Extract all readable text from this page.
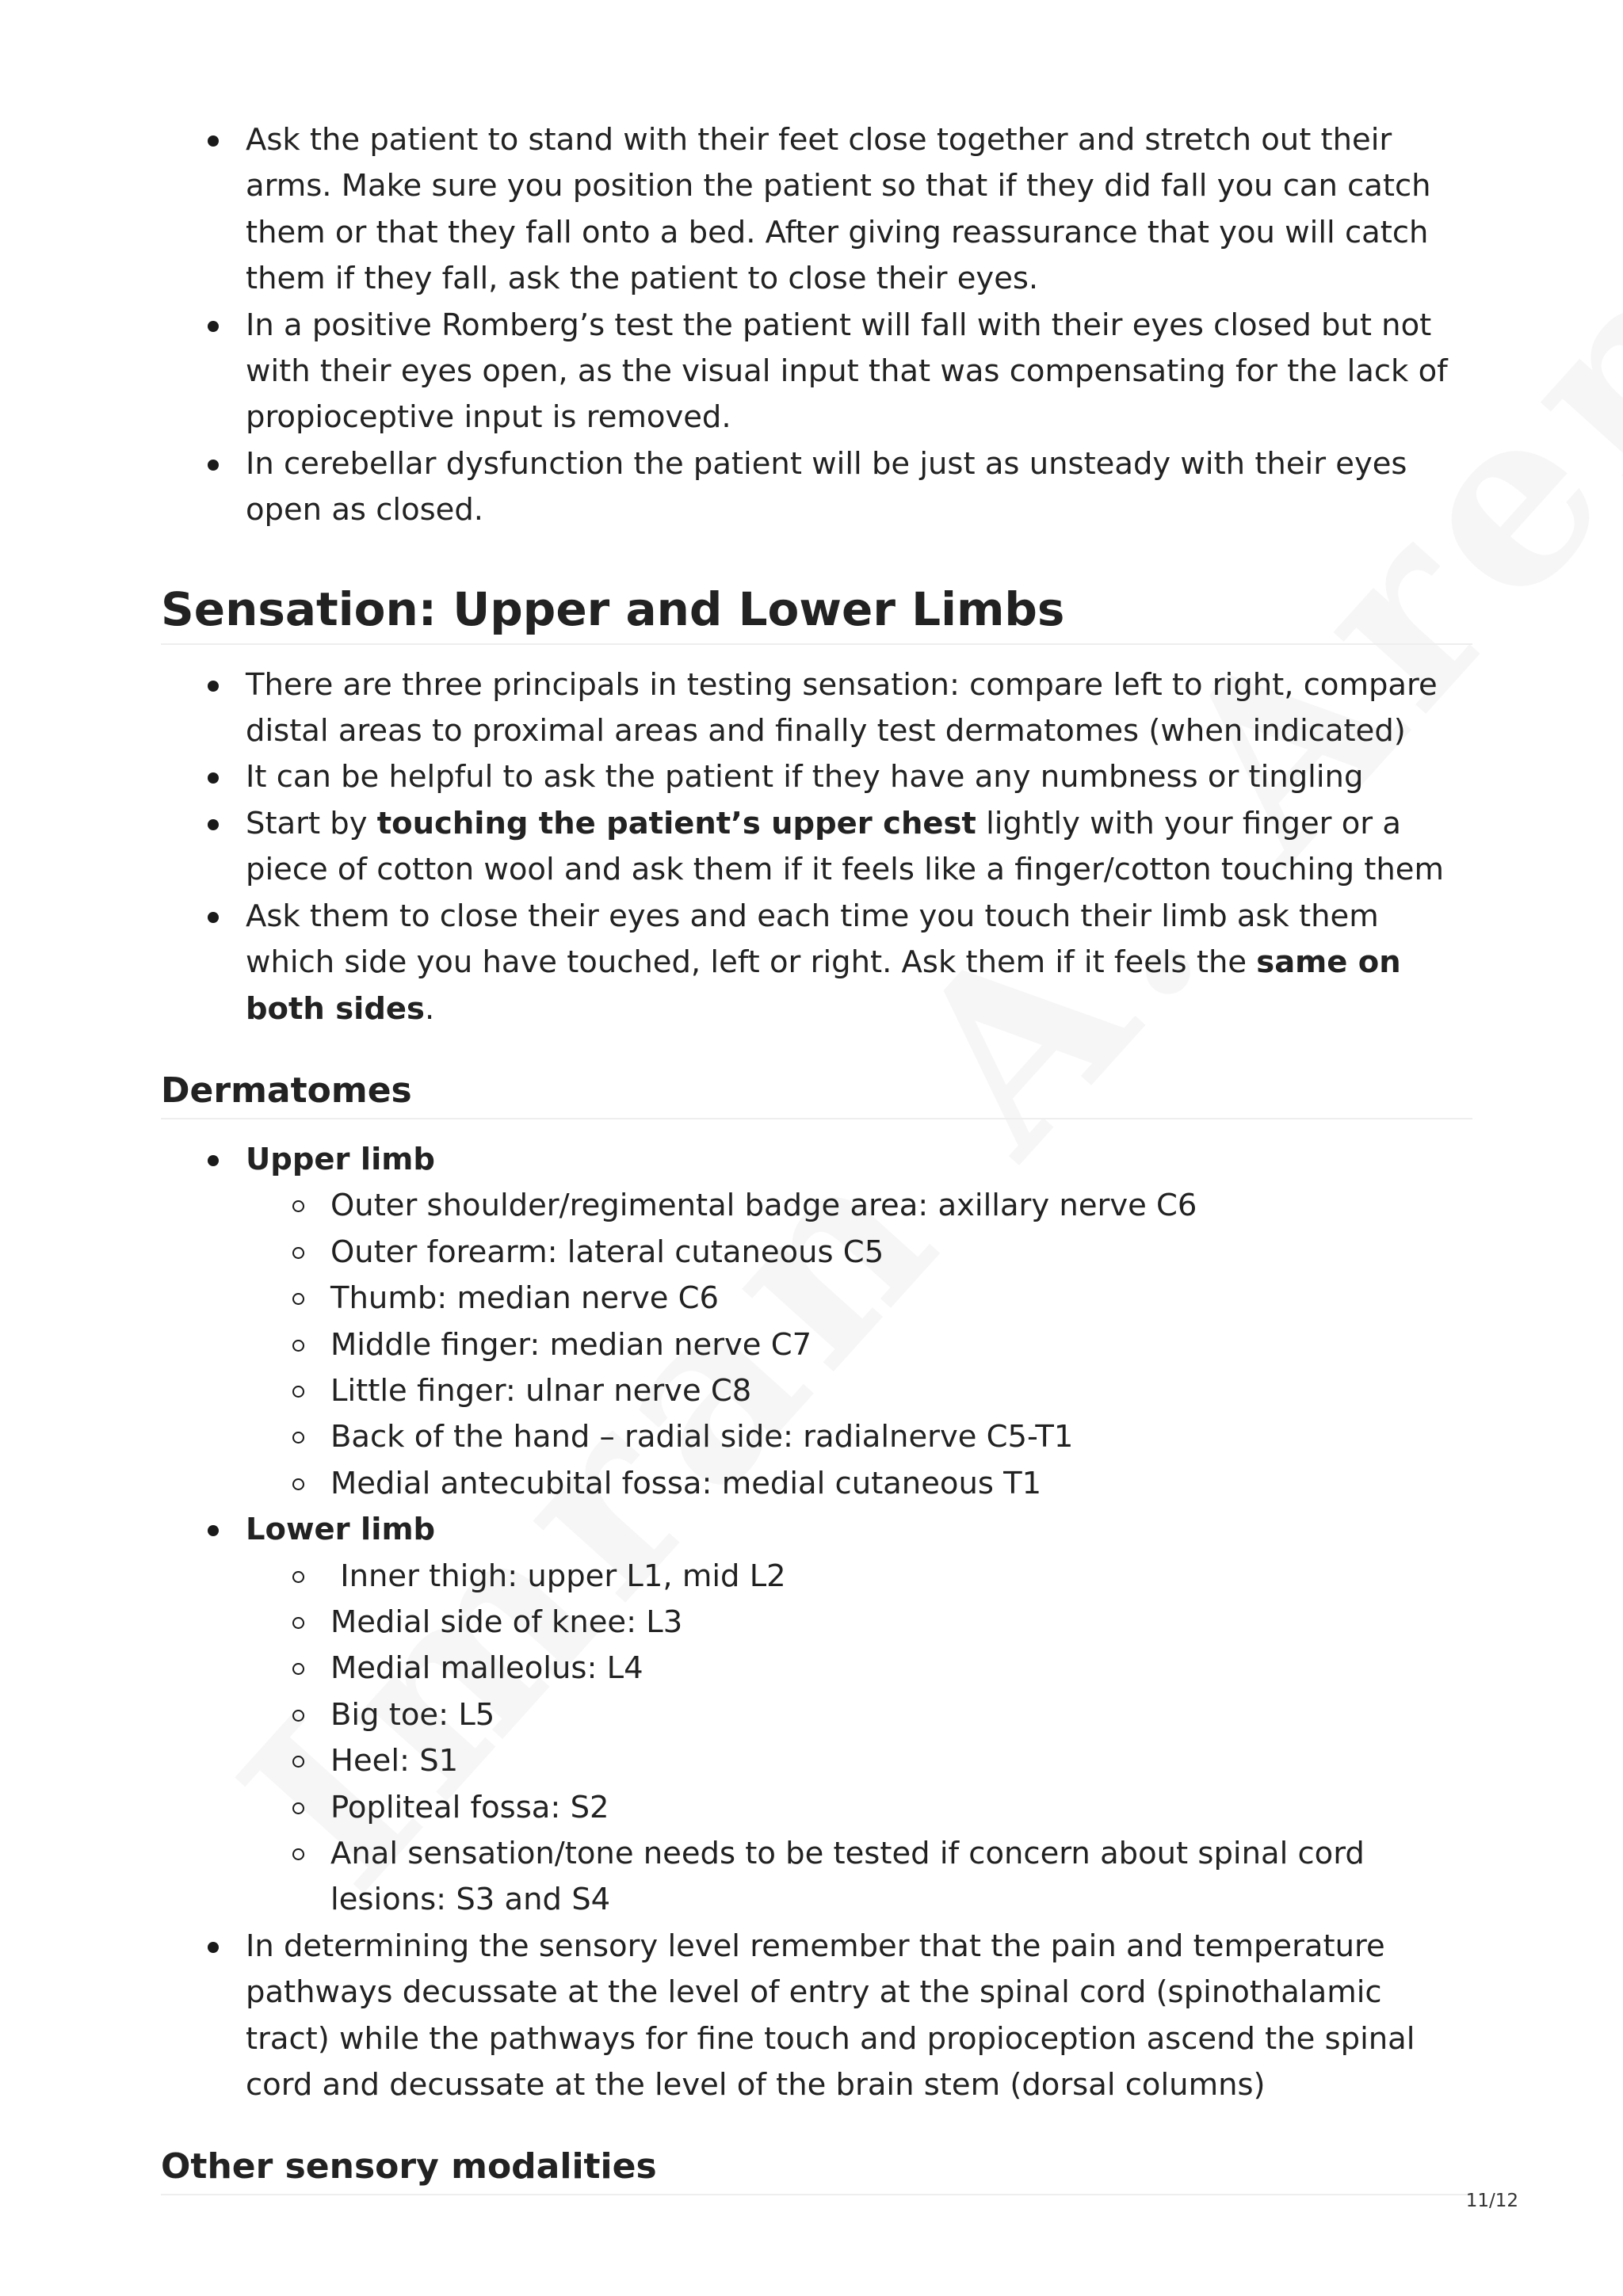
Ask the patient to stand with their feet close together and stretch out their arms. Make sure you position the patient so that if they did fall you can catch them or that they fall onto a bed. After giving reassurance that you will catch them if they fall, ask the patient to close their eyes.
In a positive Romberg’s test the patient will fall with their eyes closed but not with their eyes open, as the visual input that was compensating for the lack of propioceptive input is removed.
In cerebellar dysfunction the patient will be just as unsteady with their eyes open as closed.
Sensation: Upper and Lower Limbs
There are three principals in testing sensation: compare left to right, compare distal areas to proximal areas and finally test dermatomes (when indicated)
It can be helpful to ask the patient if they have any numbness or tingling
Start by touching the patient’s upper chest lightly with your finger or a piece of cotton wool and ask them if it feels like a finger/cotton touching them
Ask them to close their eyes and each time you touch their limb ask them which side you have touched, left or right. Ask them if it feels the same on both sides.
Dermatomes
Upper limb
Outer shoulder/regimental badge area: axillary nerve C6
Outer forearm: lateral cutaneous C5
Thumb: median nerve C6
Middle finger: median nerve C7
Little finger: ulnar nerve C8
Back of the hand – radial side: radialnerve C5-T1
Medial antecubital fossa: medial cutaneous T1
Lower limb
Inner thigh: upper L1, mid L2
Medial side of knee: L3
Medial malleolus: L4
Big toe: L5
Heel: S1
Popliteal fossa: S2
Anal sensation/tone needs to be tested if concern about spinal cord lesions: S3 and S4
In determining the sensory level remember that the pain and temperature pathways decussate at the level of entry at the spinal cord (spinothalamic tract) while the pathways for fine touch and propioception ascend the spinal cord and decussate at the level of the brain stem (dorsal columns)
Other sensory modalities
11/12
